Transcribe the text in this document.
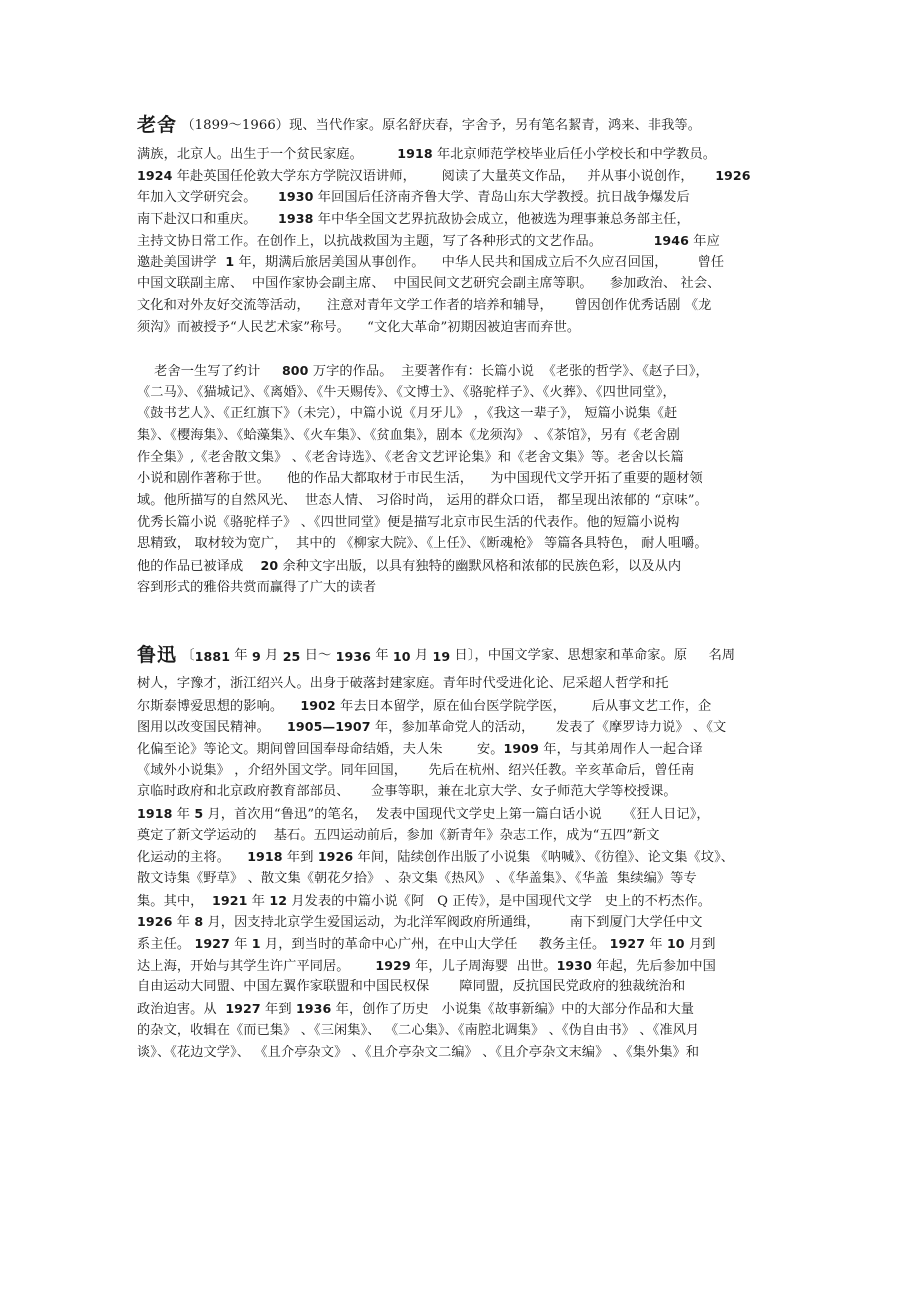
老舍 （1899～1966）现、当代作家。原名舒庆春，字舍予，另有笔名絜青，鸿来、非我等。
满族，北京人。出生于一个贫民家庭。        1918 年北京师范学校毕业后任小学校长和中学教员。
1924 年赴英国任伦敦大学东方学院汉语讲师，      阅读了大量英文作品，   并从事小说创作，     1926
年加入文学研究会。     1930 年回国后任济南齐鲁大学、青岛山东大学教授。抗日战争爆发后
南下赴汉口和重庆。     1938 年中华全国文艺界抗敌协会成立，他被选为理事兼总务部主任，
主持文协日常工作。在创作上，以抗战救国为主题，写了各种形式的文艺作品。            1946 年应
邀赴美国讲学  1 年，期满后旅居美国从事创作。    中华人民共和国成立后不久应召回国，       曾任
中国文联副主席、  中国作家协会副主席、  中国民间文艺研究会副主席等职。    参加政治、 社会、
文化和对外友好交流等活动，    注意对青年文学工作者的培养和辅导，     曾因创作优秀话剧 《龙
须沟》而被授予“人民艺术家”称号。    “文化大革命”初期因被迫害而弃世。
老舍一生写了约计     800 万字的作品。  主要著作有：长篇小说  《老张的哲学》、《赵子曰》，
《二马》、《猫城记》、《离婚》、《牛天赐传》、《文博士》、《骆驼样子》、《火葬》、《四世同堂》，
《鼓书艺人》、《正红旗下》（未完），中篇小说《月牙儿》 ，《我这一辈子》， 短篇小说集《赶
集》、《樱海集》、《蛤藻集》、《火车集》、《贫血集》，剧本《龙须沟》 、《茶馆》，另有《老舍剧
作全集》,《老舍散文集》 、《老舍诗选》、《老舍文艺评论集》和《老舍文集》等。老舍以长篇
小说和剧作著称于世。    他的作品大都取材于市民生活，    为中国现代文学开拓了重要的题材领
域。他所描写的自然风光、  世态人情、 习俗时尚， 运用的群众口语， 都呈现出浓郁的 “京味”。
优秀长篇小说《骆驼样子》 、《四世同堂》便是描写北京市民生活的代表作。他的短篇小说构
思精致， 取材较为宽广，  其中的 《柳家大院》、《上任》、《断魂枪》 等篇各具特色， 耐人咀嚼。
他的作品已被译成    20 余种文字出版，以具有独特的幽默风格和浓郁的民族色彩，以及从内
容到形式的雅俗共赏而赢得了广大的读者
鲁迅 〔1881 年 9 月 25 日～ 1936 年 10 月 19 日〕，中国文学家、思想家和革命家。原     名周
树人，字豫才，浙江绍兴人。出身于破落封建家庭。青年时代受进化论、尼采超人哲学和托
尔斯泰博爱思想的影响。    1902 年去日本留学，原在仙台医学院学医，      后从事文艺工作，企
图用以改变国民精神。    1905—1907 年，参加革命党人的活动，     发表了《摩罗诗力说》 、《文
化偏至论》等论文。期间曾回国奉母命结婚，夫人朱        安。1909 年，与其弟周作人一起合译
《域外小说集》 ，介绍外国文学。同年回国，     先后在杭州、绍兴任教。辛亥革命后，曾任南
京临时政府和北京政府教育部部员、     佥事等职，兼在北京大学、女子师范大学等校授课。
1918 年 5 月，首次用“鲁迅”的笔名，  发表中国现代文学史上第一篇白话小说     《狂人日记》，
奠定了新文学运动的    基石。五四运动前后，参加《新青年》杂志工作，成为“五四”新文
化运动的主将。    1918 年到 1926 年间，陆续创作出版了小说集 《呐喊》、《彷徨》、论文集《坟》、
散文诗集《野草》 、散文集《朝花夕拾》 、杂文集《热风》 、《华盖集》、《华盖  集续编》等专
集。其中，  1921 年 12 月发表的中篇小说《阿   Q 正传》，是中国现代文学   史上的不朽杰作。
1926 年 8 月，因支持北京学生爱国运动，为北洋军阀政府所通缉，       南下到厦门大学任中文
系主任。 1927 年 1 月，到当时的革命中心广州，在中山大学任     教务主任。 1927 年 10 月到
达上海，开始与其学生许广平同居。      1929 年，儿子周海婴  出世。1930 年起，先后参加中国
自由运动大同盟、中国左翼作家联盟和中国民权保       障同盟，反抗国民党政府的独裁统治和
政治迫害。从  1927 年到 1936 年，创作了历史   小说集《故事新编》中的大部分作品和大量
的杂文，收辑在《而已集》 、《三闲集》、 《二心集》、《南腔北调集》 、《伪自由书》 、《准风月
谈》、《花边文学》、 《且介亭杂文》 、《且介亭杂文二编》 、《且介亭杂文末编》 、《集外集》和
